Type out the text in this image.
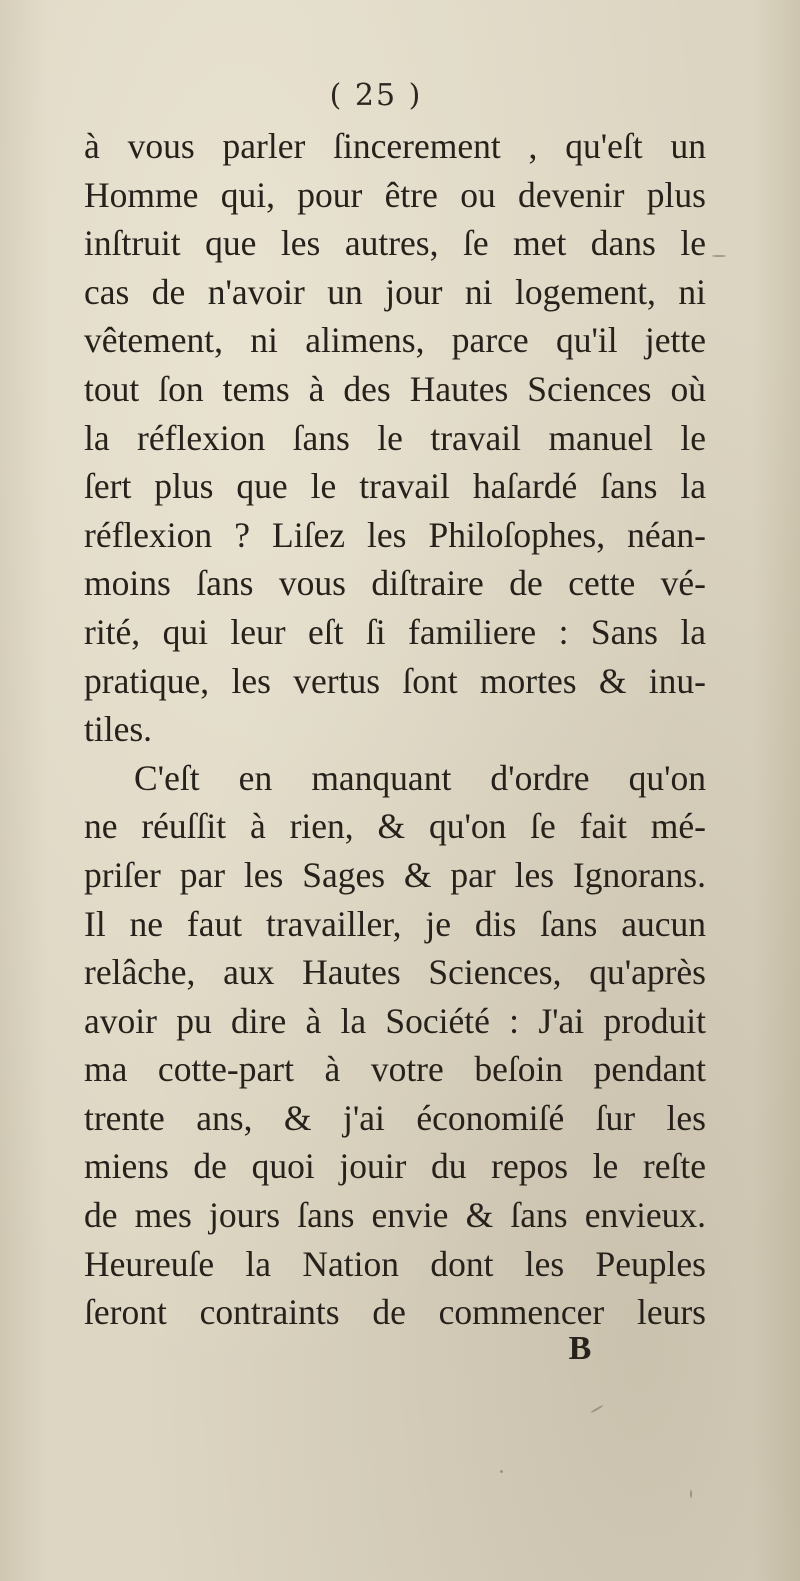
( 25 )
à vous parler ſincerement , qu'eſt un
Homme qui, pour être ou devenir plus
inſtruit que les autres, ſe met dans le
cas de n'avoir un jour ni logement, ni
vêtement, ni alimens, parce qu'il jette
tout ſon tems à des Hautes Sciences où
la réflexion ſans le travail manuel le
ſert plus que le travail haſardé ſans la
réflexion ? Liſez les Philoſophes, néan-
moins ſans vous diſtraire de cette vé-
rité, qui leur eſt ſi familiere : Sans la
pratique, les vertus ſont mortes & inu-
tiles.
C'eſt en manquant d'ordre qu'on
ne réuſſit à rien, & qu'on ſe fait mé-
priſer par les Sages & par les Ignorans.
Il ne faut travailler, je dis ſans aucun
relâche, aux Hautes Sciences, qu'après
avoir pu dire à la Société : J'ai produit
ma cotte-part à votre beſoin pendant
trente ans, & j'ai économiſé ſur les
miens de quoi jouir du repos le reſte
de mes jours ſans envie & ſans envieux.
Heureuſe la Nation dont les Peuples
ſeront contraints de commencer leurs
B
